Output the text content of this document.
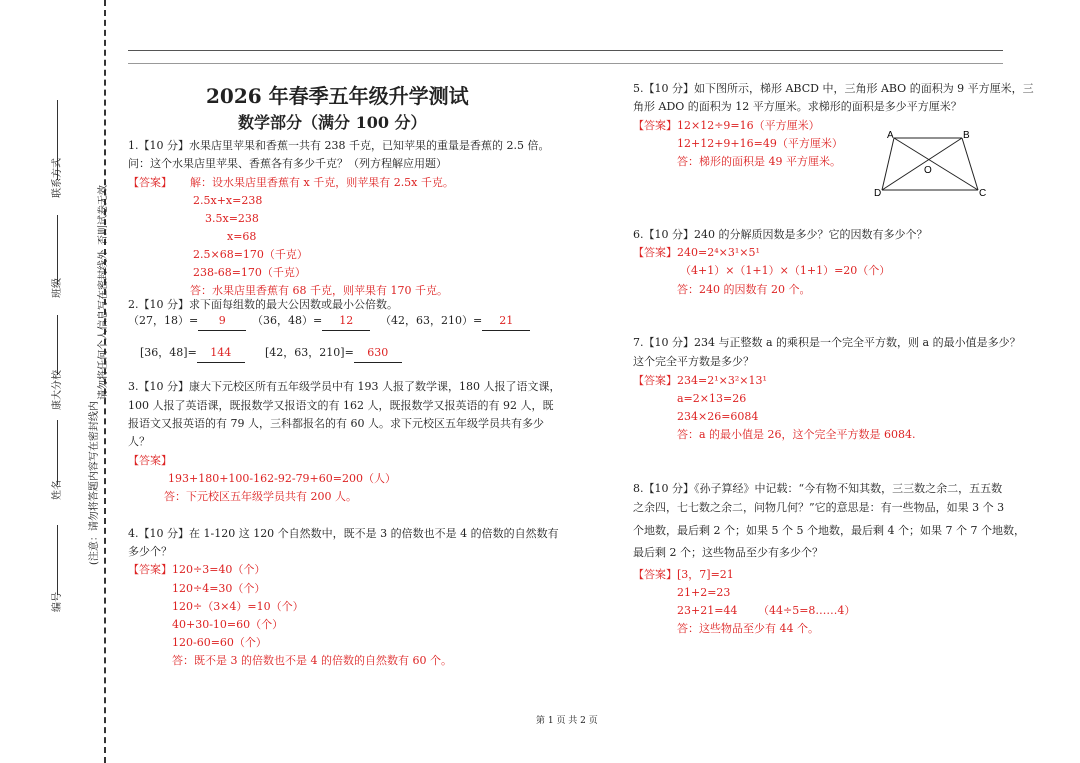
联系方式
班级
康大分校
姓名
编号
请勿将任何个人信息写在密封线外
否则试卷无效
(注意：请勿将答题内容写在密封线内
2026 年春季五年级升学测试
数学部分（满分 100 分）
1.【10 分】水果店里苹果和香蕉一共有 238 千克，已知苹果的重量是香蕉的 2.5 倍。
问：这个水果店里苹果、香蕉各有多少千克？（列方程解应用题）
【答案】 解：设水果店里香蕉有 x 千克，则苹果有 2.5x 千克。
2.5x+x=238
3.5x=238
x=68
2.5×68=170（千克）
238-68=170（千克）
答：水果店里香蕉有 68 千克，则苹果有 170 千克。
2.【10 分】求下面每组数的最大公因数或最小公倍数。
（27，18）= 9	（36，48）= 12	（42，63，210）= 21
[36，48]= 144	[42，63，210]= 630
3.【10 分】康大下元校区所有五年级学员中有 193 人报了数学课，180 人报了语文课，
100 人报了英语课，既报数学又报语文的有 162 人，既报数学又报英语的有 92 人，既
报语文又报英语的有 79 人，三科都报名的有 60 人。求下元校区五年级学员共有多少
人？
【答案】
193+180+100-162-92-79+60=200（人）
答：下元校区五年级学员共有 200 人。
4.【10 分】在 1-120 这 120 个自然数中，既不是 3 的倍数也不是 4 的倍数的自然数有
多少个？
【答案】 120÷3=40（个）
120÷4=30（个）
120÷（3×4）=10（个）
40+30-10=60（个）
120-60=60（个）
答：既不是 3 的倍数也不是 4 的倍数的自然数有 60 个。
5.【10 分】如下图所示，梯形 ABCD 中，三角形 ABO 的面积为 9 平方厘米，三
角形 ADO 的面积为 12 平方厘米。求梯形的面积是多少平方厘米？
【答案】 12×12÷9=16（平方厘米）
12+12+9+16=49（平方厘米）
答：梯形的面积是 49 平方厘米。
A	B
C
D
O
6.【10 分】240 的分解质因数是多少？它的因数有多少个？
【答案】 240=2⁴×3¹×5¹
（4+1）×（1+1）×（1+1）=20（个）
答：240 的因数有 20 个。
7.【10 分】234 与正整数 a 的乘积是一个完全平方数，则 a 的最小值是多少？
这个完全平方数是多少？
【答案】 234=2¹×3²×13¹
a=2×13=26
234×26=6084
答：a 的最小值是 26，这个完全平方数是 6084.
8.【10 分】《孙子算经》中记载：“今有物不知其数，三三数之余二，五五数
之余四，七七数之余二，问物几何？”它的意思是：有一些物品，如果 3 个 3
个地数，最后剩 2 个；如果 5 个 5 个地数，最后剩 4 个；如果 7 个 7 个地数，
最后剩 2 个；这些物品至少有多少个？
【答案】 [3，7]=21
21+2=23
23+21=44 （44÷5=8……4）
答：这些物品至少有 44 个。
第 1 页 共 2 页
